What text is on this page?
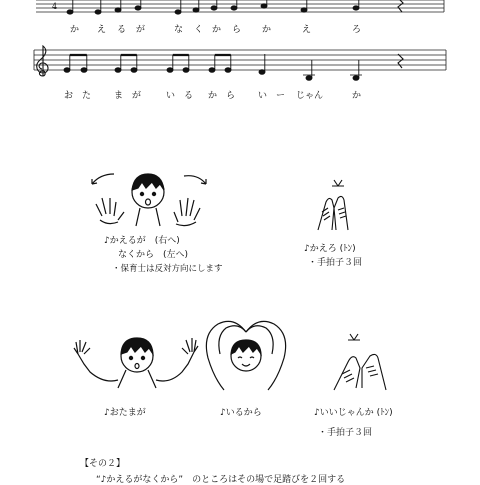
4
か え る が	な く か ら か	え	ろ
お た	ま が	い る か ら	い ー じゃん	か
♪かえるが　(右へ)
なくから　(左へ)
・保育士は反対方向にします
♪かえろ (ﾄﾝ)
・手拍子３回
♪おたまが	♪いるから	♪いいじゃんか (ﾄﾝ)
・手拍子３回
【その２】
“♪かえるがなくから”　のところはその場で足踏びを２回する
